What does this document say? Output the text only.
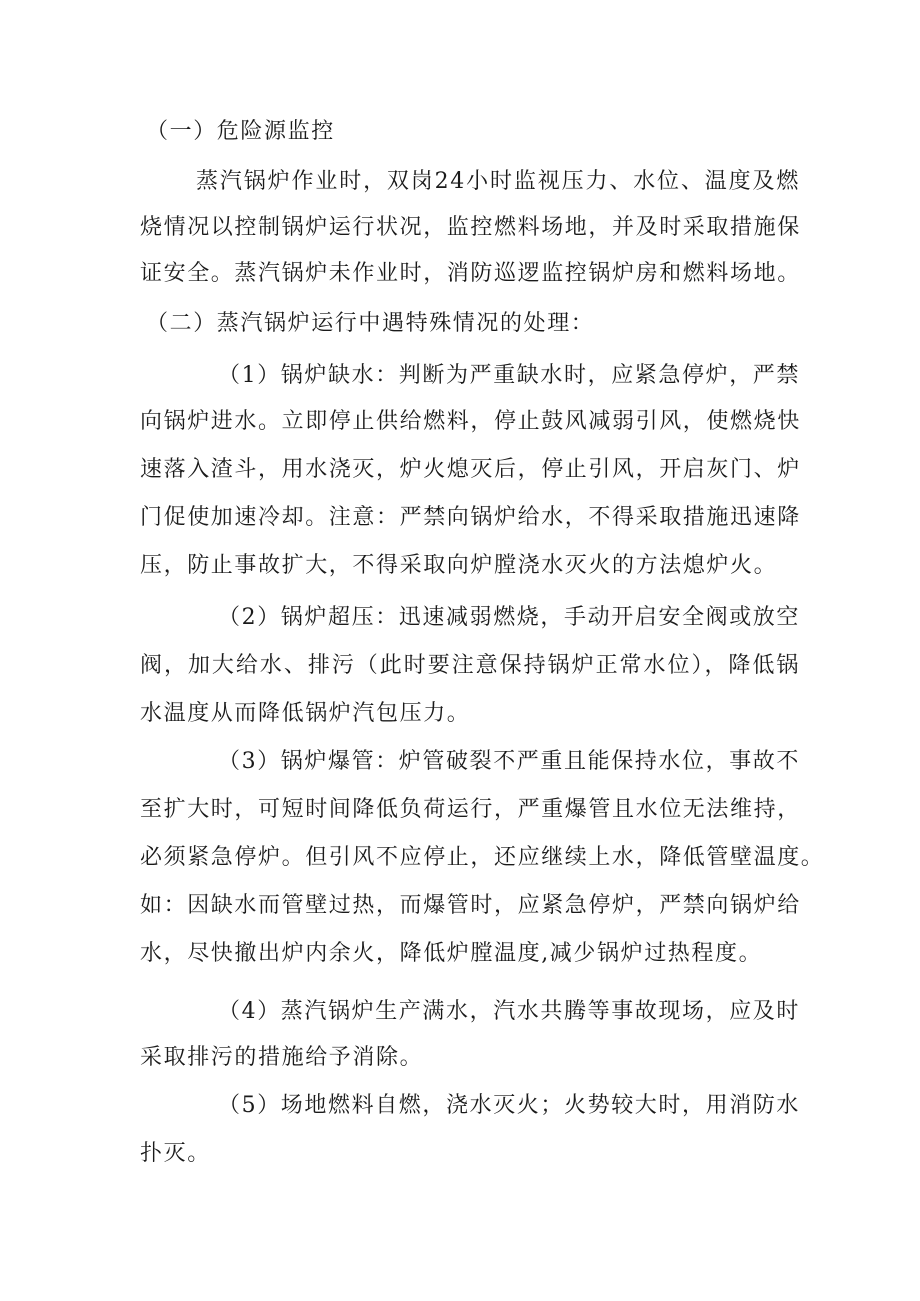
（一）危险源监控
蒸汽锅炉作业时，双岗24小时监视压力、水位、温度及燃
烧情况以控制锅炉运行状况，监控燃料场地，并及时采取措施保
证安全。蒸汽锅炉未作业时，消防巡逻监控锅炉房和燃料场地。
（二）蒸汽锅炉运行中遇特殊情况的处理：
（1）锅炉缺水：判断为严重缺水时，应紧急停炉，严禁
向锅炉进水。立即停止供给燃料，停止鼓风减弱引风，使燃烧快
速落入渣斗，用水浇灭，炉火熄灭后，停止引风，开启灰门、炉
门促使加速冷却。注意：严禁向锅炉给水，不得采取措施迅速降
压，防止事故扩大，不得采取向炉膛浇水灭火的方法熄炉火。
（2）锅炉超压：迅速减弱燃烧，手动开启安全阀或放空
阀，加大给水、排污（此时要注意保持锅炉正常水位），降低锅
水温度从而降低锅炉汽包压力。
（3）锅炉爆管：炉管破裂不严重且能保持水位，事故不
至扩大时，可短时间降低负荷运行，严重爆管且水位无法维持，
必须紧急停炉。但引风不应停止，还应继续上水，降低管壁温度。
如：因缺水而管壁过热，而爆管时，应紧急停炉，严禁向锅炉给
水，尽快撤出炉内余火，降低炉膛温度,减少锅炉过热程度。
（4）蒸汽锅炉生产满水，汽水共腾等事故现场，应及时
采取排污的措施给予消除。
（5）场地燃料自燃，浇水灭火；火势较大时，用消防水
扑灭。
